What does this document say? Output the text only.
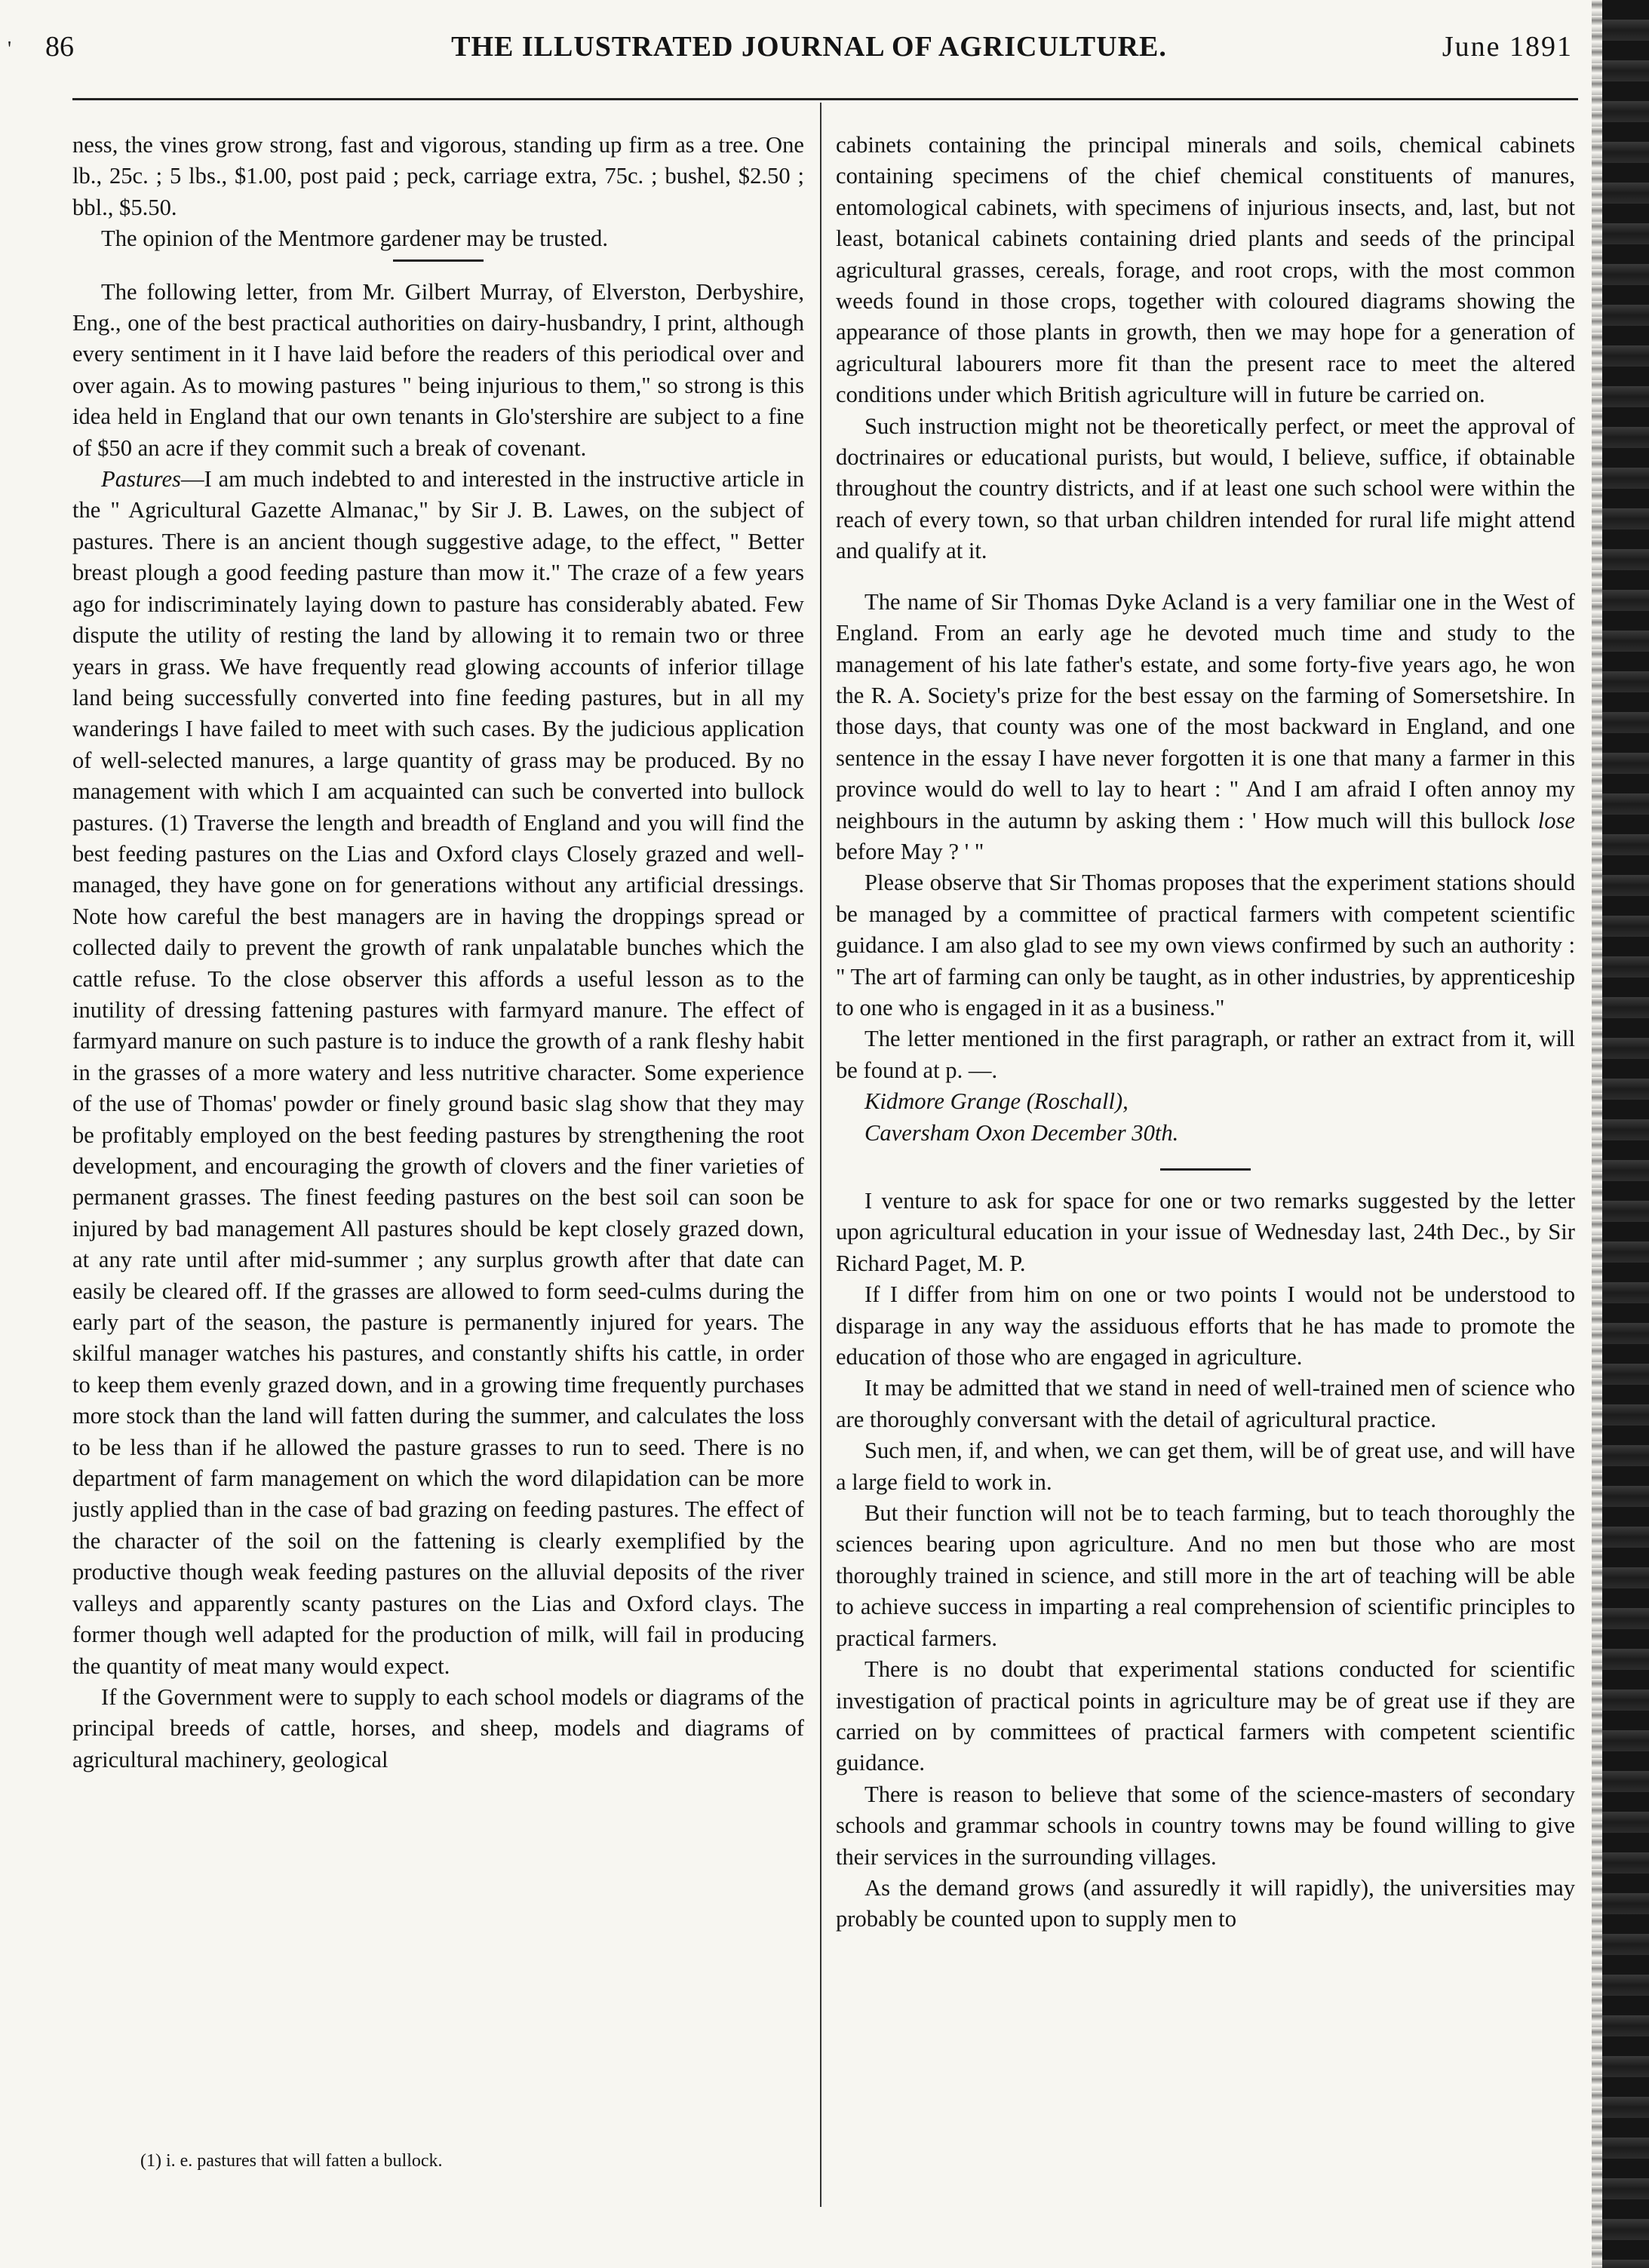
' 86	THE ILLUSTRATED JOURNAL OF AGRICULTURE.	June 1891

ness, the vines grow strong, fast and vigorous, standing up firm as a tree. One lb., 25c. ; 5 lbs., $1.00, post paid ; peck, carriage extra, 75c. ; bushel, $2.50 ; bbl., $5.50.

The opinion of the Mentmore gardener may be trusted.

The following letter, from Mr. Gilbert Murray, of Elverston, Derbyshire, Eng., one of the best practical authorities on dairy-husbandry, I print, although every sentiment in it I have laid before the readers of this periodical over and over again. As to mowing pastures " being injurious to them," so strong is this idea held in England that our own tenants in Glo'stershire are subject to a fine of $50 an acre if they commit such a break of covenant.

Pastures—I am much indebted to and interested in the instructive article in the " Agricultural Gazette Almanac," by Sir J. B. Lawes, on the subject of pastures. There is an ancient though suggestive adage, to the effect, " Better breast plough a good feeding pasture than mow it." The craze of a few years ago for indiscriminately laying down to pasture has considerably abated. Few dispute the utility of resting the land by allowing it to remain two or three years in grass. We have frequently read glowing accounts of inferior tillage land being successfully converted into fine feeding pastures, but in all my wanderings I have failed to meet with such cases. By the judicious application of well-selected manures, a large quantity of grass may be produced. By no management with which I am acquainted can such be converted into bullock pastures. (1) Traverse the length and breadth of England and you will find the best feeding pastures on the Lias and Oxford clays Closely grazed and well-managed, they have gone on for generations without any artificial dressings. Note how careful the best managers are in having the droppings spread or collected daily to prevent the growth of rank unpalatable bunches which the cattle refuse. To the close observer this affords a useful lesson as to the inutility of dressing fattening pastures with farmyard manure. The effect of farmyard manure on such pasture is to induce the growth of a rank fleshy habit in the grasses of a more watery and less nutritive character. Some experience of the use of Thomas' powder or finely ground basic slag show that they may be profitably employed on the best feeding pastures by strengthening the root development, and encouraging the growth of clovers and the finer varieties of permanent grasses. The finest feeding pastures on the best soil can soon be injured by bad management All pastures should be kept closely grazed down, at any rate until after mid-summer ; any surplus growth after that date can easily be cleared off. If the grasses are allowed to form seed-culms during the early part of the season, the pasture is permanently injured for years. The skilful manager watches his pastures, and constantly shifts his cattle, in order to keep them evenly grazed down, and in a growing time frequently purchases more stock than the land will fatten during the summer, and calculates the loss to be less than if he allowed the pasture grasses to run to seed. There is no department of farm management on which the word dilapidation can be more justly applied than in the case of bad grazing on feeding pastures. The effect of the character of the soil on the fattening is clearly exemplified by the productive though weak feeding pastures on the alluvial deposits of the river valleys and apparently scanty pastures on the Lias and Oxford clays. The former though well adapted for the production of milk, will fail in producing the quantity of meat many would expect.

If the Government were to supply to each school models or diagrams of the principal breeds of cattle, horses, and sheep, models and diagrams of agricultural machinery, geological

cabinets containing the principal minerals and soils, chemical cabinets containing specimens of the chief chemical constituents of manures, entomological cabinets, with specimens of injurious insects, and, last, but not least, botanical cabinets containing dried plants and seeds of the principal agricultural grasses, cereals, forage, and root crops, with the most common weeds found in those crops, together with coloured diagrams showing the appearance of those plants in growth, then we may hope for a generation of agricultural labourers more fit than the present race to meet the altered conditions under which British agriculture will in future be carried on.

Such instruction might not be theoretically perfect, or meet the approval of doctrinaires or educational purists, but would, I believe, suffice, if obtainable throughout the country districts, and if at least one such school were within the reach of every town, so that urban children intended for rural life might attend and qualify at it.

The name of Sir Thomas Dyke Acland is a very familiar one in the West of England. From an early age he devoted much time and study to the management of his late father's estate, and some forty-five years ago, he won the R. A. Society's prize for the best essay on the farming of Somersetshire. In those days, that county was one of the most backward in England, and one sentence in the essay I have never forgotten it is one that many a farmer in this province would do well to lay to heart : " And I am afraid I often annoy my neighbours in the autumn by asking them : ' How much will this bullock lose before May ? ' "

Please observe that Sir Thomas proposes that the experiment stations should be managed by a committee of practical farmers with competent scientific guidance. I am also glad to see my own views confirmed by such an authority : " The art of farming can only be taught, as in other industries, by apprenticeship to one who is engaged in it as a business."

The letter mentioned in the first paragraph, or rather an extract from it, will be found at p. —.

Kidmore Grange (Roschall),

Caversham Oxon December 30th.

I venture to ask for space for one or two remarks suggested by the letter upon agricultural education in your issue of Wednesday last, 24th Dec., by Sir Richard Paget, M. P.

If I differ from him on one or two points I would not be understood to disparage in any way the assiduous efforts that he has made to promote the education of those who are engaged in agriculture.

It may be admitted that we stand in need of well-trained men of science who are thoroughly conversant with the detail of agricultural practice.

Such men, if, and when, we can get them, will be of great use, and will have a large field to work in.

But their function will not be to teach farming, but to teach thoroughly the sciences bearing upon agriculture. And no men but those who are most thoroughly trained in science, and still more in the art of teaching will be able to achieve success in imparting a real comprehension of scientific principles to practical farmers.

There is no doubt that experimental stations conducted for scientific investigation of practical points in agriculture may be of great use if they are carried on by committees of practical farmers with competent scientific guidance.

There is reason to believe that some of the science-masters of secondary schools and grammar schools in country towns may be found willing to give their services in the surrounding villages.

As the demand grows (and assuredly it will rapidly), the universities may probably be counted upon to supply men to

(1) i. e. pastures that will fatten a bullock.
